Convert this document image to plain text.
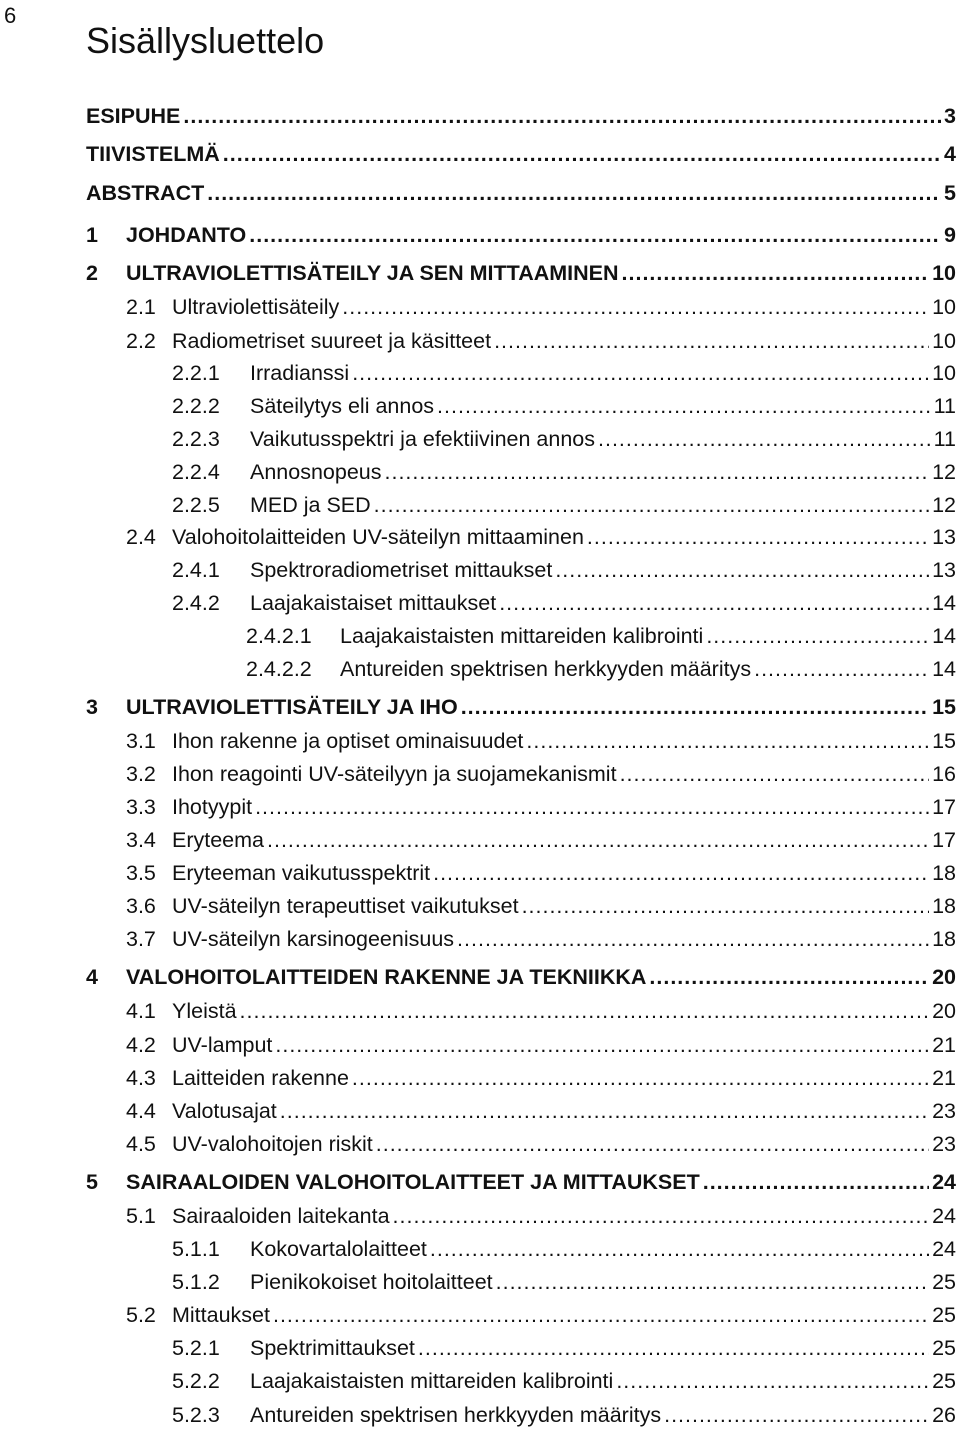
6
Sisällysluettelo
ESIPUHE .....	3
TIIVISTELMÄ .....	4
ABSTRACT .....	5
1	JOHDANTO .....	9
2	ULTRAVIOLETTISÄTEILY JA SEN MITTAAMINEN .....	10
2.1 Ultraviolettisäteily .....	10
2.2 Radiometriset suureet ja käsitteet .....	10
2.2.1	Irradianssi .....	10
2.2.2	Säteilytys eli annos .....	11
2.2.3	Vaikutusspektri ja efektiivinen annos .....	11
2.2.4	Annosnopeus .....	12
2.2.5	MED ja SED .....	12
2.4 Valohoitolaitteiden UV-säteilyn mittaaminen .....	13
2.4.1	Spektroradiometriset mittaukset .....	13
2.4.2	Laajakaistaiset mittaukset .....	14
2.4.2.1	Laajakaistaisten mittareiden kalibrointi .....	14
2.4.2.2	Antureiden spektrisen herkkyyden määritys .....	14
3	ULTRAVIOLETTISÄTEILY JA IHO .....	15
3.1 Ihon rakenne ja optiset ominaisuudet .....	15
3.2 Ihon reagointi UV-säteilyyn ja suojamekanismit .....	16
3.3 Ihotyypit .....	17
3.4 Eryteema .....	17
3.5 Eryteeman vaikutusspektrit .....	18
3.6 UV-säteilyn terapeuttiset vaikutukset .....	18
3.7 UV-säteilyn karsinogeenisuus .....	18
4	VALOHOITOLAITTEIDEN RAKENNE JA TEKNIIKKA .....	20
4.1 Yleistä .....	20
4.2 UV-lamput .....	21
4.3 Laitteiden rakenne .....	21
4.4 Valotusajat .....	23
4.5 UV-valohoitojen riskit .....	23
5	SAIRAALOIDEN VALOHOITOLAITTEET JA MITTAUKSET .....	24
5.1 Sairaaloiden laitekanta .....	24
5.1.1	Kokovartalolaitteet .....	24
5.1.2	Pienikokoiset hoitolaitteet .....	25
5.2 Mittaukset .....	25
5.2.1	Spektrimittaukset .....	25
5.2.2	Laajakaistaisten mittareiden kalibrointi .....	25
5.2.3	Antureiden spektrisen herkkyyden määritys .....	26
